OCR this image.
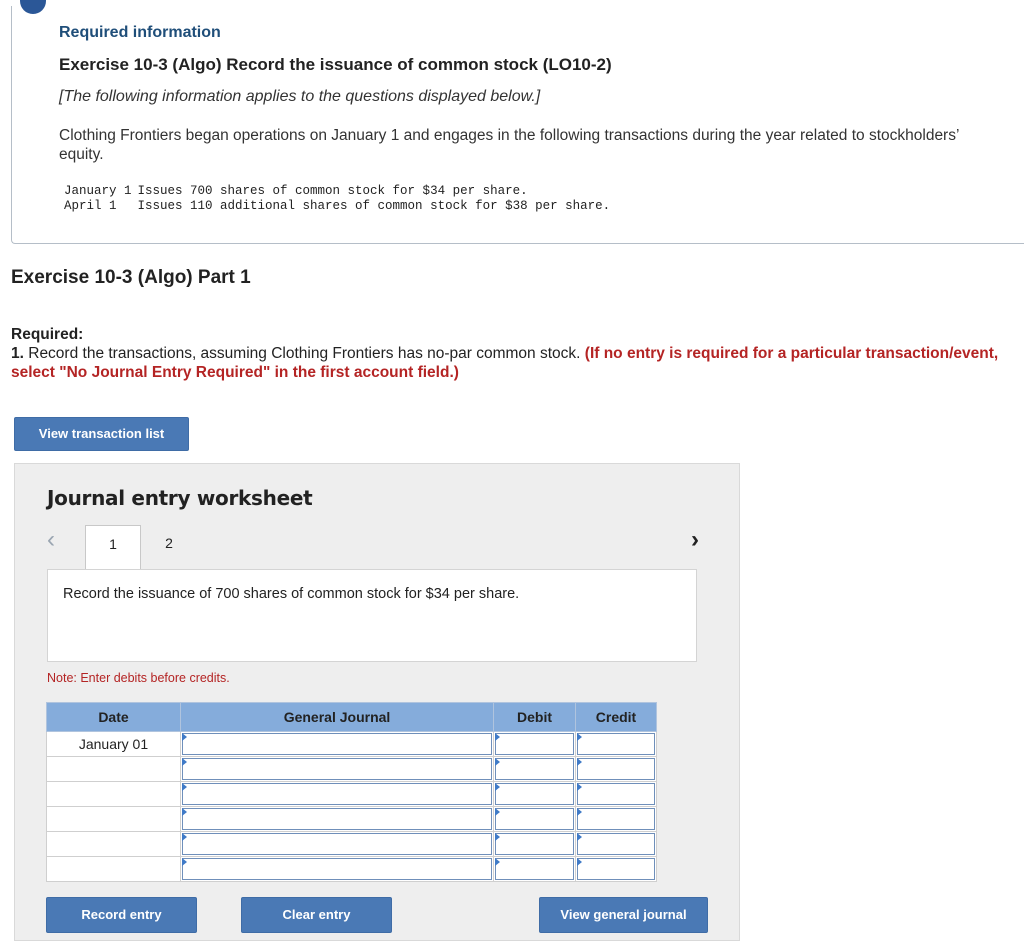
Required information
Exercise 10-3 (Algo) Record the issuance of common stock (LO10-2)
[The following information applies to the questions displayed below.]
Clothing Frontiers began operations on January 1 and engages in the following transactions during the year related to stockholders’ equity.
January 1	Issues 700 shares of common stock for $34 per share.
April 1	Issues 110 additional shares of common stock for $38 per share.
Exercise 10-3 (Algo) Part 1
Required:
1. Record the transactions, assuming Clothing Frontiers has no-par common stock. (If no entry is required for a particular transaction/event, select "No Journal Entry Required" in the first account field.)
View transaction list
Journal entry worksheet
‹	1	2	›
Record the issuance of 700 shares of common stock for $34 per share.
Note: Enter debits before credits.
Date	General Journal	Debit	Credit
January 01	

Record entry	Clear entry	View general journal
